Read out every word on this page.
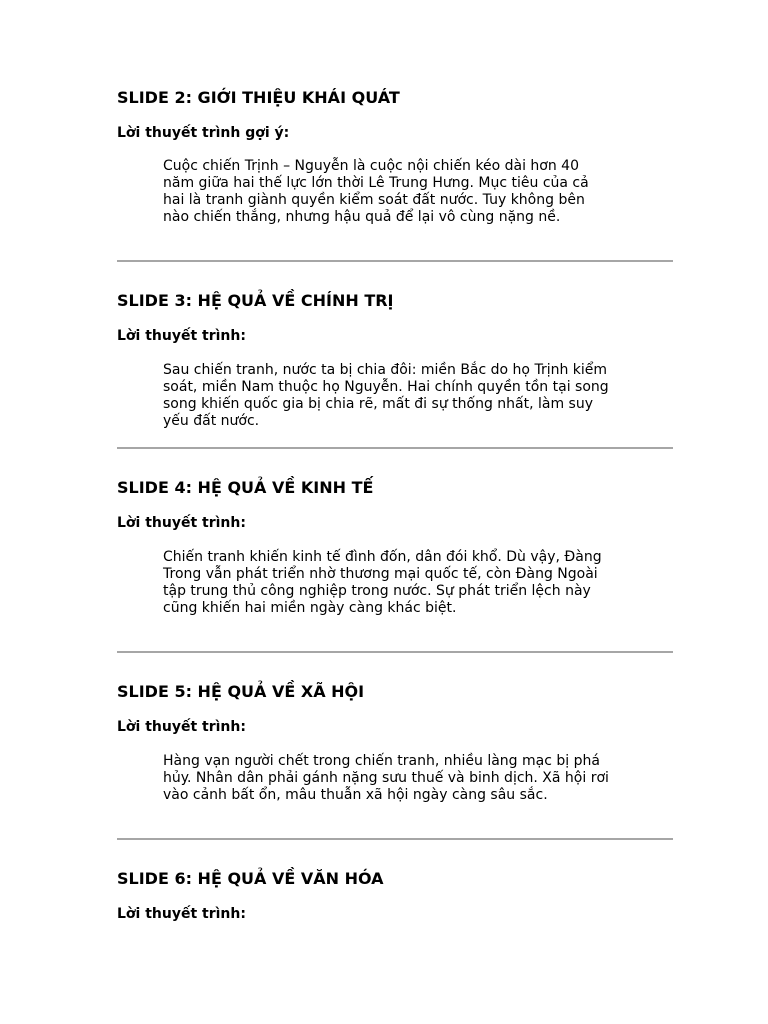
SLIDE 2: GIỚI THIỆU KHÁI QUÁT
Lời thuyết trình gợi ý:
Cuộc chiến Trịnh – Nguyễn là cuộc nội chiến kéo dài hơn 40 năm giữa hai thế lực lớn thời Lê Trung Hưng. Mục tiêu của cả hai là tranh giành quyền kiểm soát đất nước. Tuy không bên nào chiến thắng, nhưng hậu quả để lại vô cùng nặng nề.
SLIDE 3: HỆ QUẢ VỀ CHÍNH TRỊ
Lời thuyết trình:
Sau chiến tranh, nước ta bị chia đôi: miền Bắc do họ Trịnh kiểm soát, miền Nam thuộc họ Nguyễn. Hai chính quyền tồn tại song song khiến quốc gia bị chia rẽ, mất đi sự thống nhất, làm suy yếu đất nước.
SLIDE 4: HỆ QUẢ VỀ KINH TẾ
Lời thuyết trình:
Chiến tranh khiến kinh tế đình đốn, dân đói khổ. Dù vậy, Đàng Trong vẫn phát triển nhờ thương mại quốc tế, còn Đàng Ngoài tập trung thủ công nghiệp trong nước. Sự phát triển lệch này cũng khiến hai miền ngày càng khác biệt.
SLIDE 5: HỆ QUẢ VỀ XÃ HỘI
Lời thuyết trình:
Hàng vạn người chết trong chiến tranh, nhiều làng mạc bị phá hủy. Nhân dân phải gánh nặng sưu thuế và binh dịch. Xã hội rơi vào cảnh bất ổn, mâu thuẫn xã hội ngày càng sâu sắc.
SLIDE 6: HỆ QUẢ VỀ VĂN HÓA
Lời thuyết trình:
